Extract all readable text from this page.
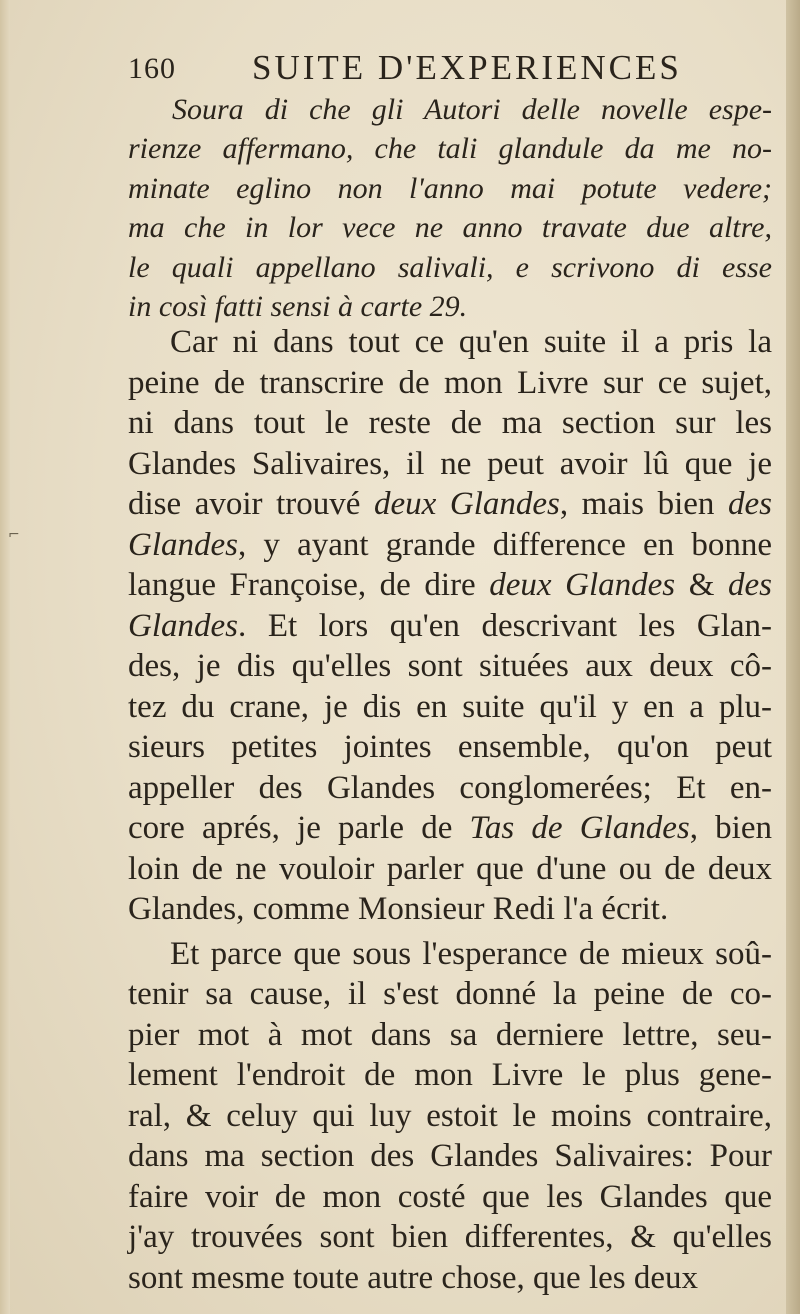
⌐
160 SUITE D'EXPERIENCES
Soura di che gli Autori delle novelle espe-
rienze affermano, che tali glandule da me no-
minate eglino non l'anno mai potute vedere;
ma che in lor vece ne anno travate due altre,
le quali appellano salivali, e scrivono di esse
in così fatti sensi à carte 29.
Car ni dans tout ce qu'en suite il a pris la
peine de transcrire de mon Livre sur ce sujet,
ni dans tout le reste de ma section sur les
Glandes Salivaires, il ne peut avoir lû que je
dise avoir trouvé deux Glandes, mais bien des
Glandes, y ayant grande difference en bonne
langue Françoise, de dire deux Glandes & des
Glandes. Et lors qu'en descrivant les Glan-
des, je dis qu'elles sont situées aux deux cô-
tez du crane, je dis en suite qu'il y en a plu-
sieurs petites jointes ensemble, qu'on peut
appeller des Glandes conglomerées; Et en-
core aprés, je parle de Tas de Glandes, bien
loin de ne vouloir parler que d'une ou de deux
Glandes, comme Monsieur Redi l'a écrit.
Et parce que sous l'esperance de mieux soû-
tenir sa cause, il s'est donné la peine de co-
pier mot à mot dans sa derniere lettre, seu-
lement l'endroit de mon Livre le plus gene-
ral, & celuy qui luy estoit le moins contraire,
dans ma section des Glandes Salivaires: Pour
faire voir de mon costé que les Glandes que
j'ay trouvées sont bien differentes, & qu'elles
sont mesme toute autre chose, que les deux
